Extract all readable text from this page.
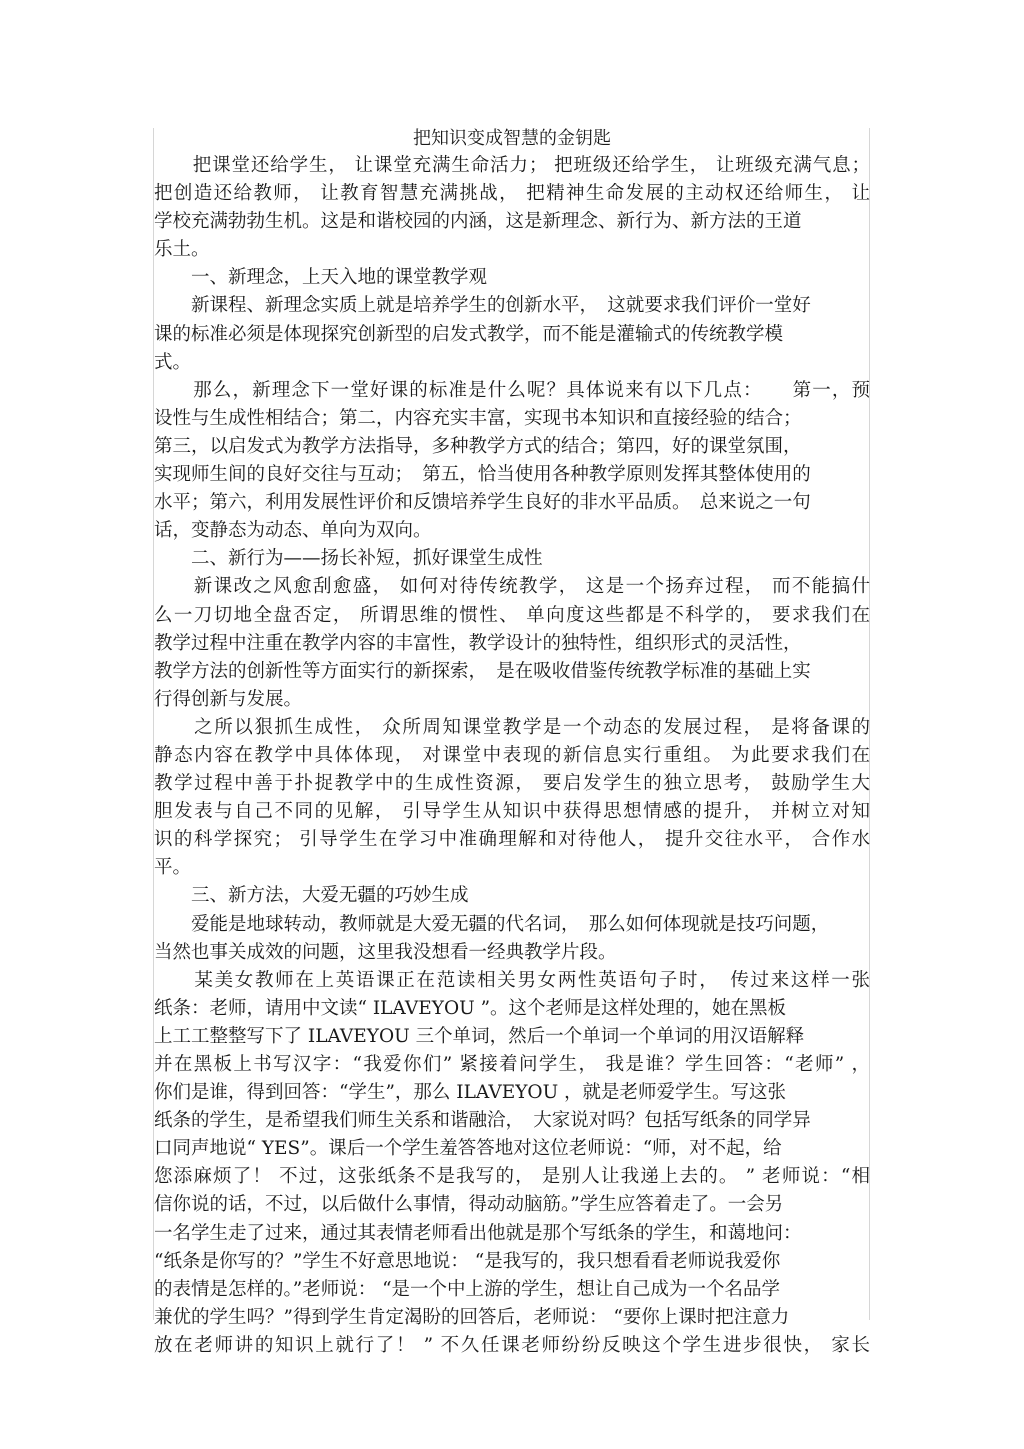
把知识变成智慧的金钥匙
　　把课堂还给学生， 让课堂充满生命活力； 把班级还给学生， 让班级充满气息；
把创造还给教师， 让教育智慧充满挑战， 把精神生命发展的主动权还给师生， 让
学校充满勃勃生机。这是和谐校园的内涵，这是新理念、新行为、新方法的王道
乐土。
　　一、新理念，上天入地的课堂教学观
　　新课程、新理念实质上就是培养学生的创新水平，　这就要求我们评价一堂好
课的标准必须是体现探究创新型的启发式教学，而不能是灌输式的传统教学模
式。
　　那么，新理念下一堂好课的标准是什么呢？具体说来有以下几点：　　第一，预
设性与生成性相结合；第二，内容充实丰富，实现书本知识和直接经验的结合；
第三，以启发式为教学方法指导，多种教学方式的结合；第四，好的课堂氛围，
实现师生间的良好交往与互动；　第五，恰当使用各种教学原则发挥其整体使用的
水平；第六，利用发展性评价和反馈培养学生良好的非水平品质。　总来说之一句
话，变静态为动态、单向为双向。
　　二、新行为——扬长补短，抓好课堂生成性
　　新课改之风愈刮愈盛， 如何对待传统教学， 这是一个扬弃过程， 而不能搞什
么一刀切地全盘否定， 所谓思维的惯性、 单向度这些都是不科学的， 要求我们在
教学过程中注重在教学内容的丰富性，教学设计的独特性，组织形式的灵活性，
教学方法的创新性等方面实行的新探索，　是在吸收借鉴传统教学标准的基础上实
行得创新与发展。
　　之所以狠抓生成性， 众所周知课堂教学是一个动态的发展过程， 是将备课的
静态内容在教学中具体体现， 对课堂中表现的新信息实行重组。 为此要求我们在
教学过程中善于扑捉教学中的生成性资源， 要启发学生的独立思考， 鼓励学生大
胆发表与自己不同的见解， 引导学生从知识中获得思想情感的提升， 并树立对知
识的科学探究； 引导学生在学习中准确理解和对待他人， 提升交往水平， 合作水
平。
　　三、新方法，大爱无疆的巧妙生成
　　爱能是地球转动，教师就是大爱无疆的代名词，　那么如何体现就是技巧问题，
当然也事关成效的问题，这里我没想看一经典教学片段。
　　某美女教师在上英语课正在范读相关男女两性英语句子时，　传过来这样一张
纸条：老师，请用中文读“ ILAVEYOU ”。这个老师是这样处理的，她在黑板
上工工整整写下了 ILAVEYOU 三个单词，然后一个单词一个单词的用汉语解释
并在黑板上书写汉字：“我爱你们” 紧接着问学生， 我是谁？学生回答：“老师” ，
你们是谁，得到回答：“学生”，那么 ILAVEYOU ，就是老师爱学生。写这张
纸条的学生，是希望我们师生关系和谐融洽，　大家说对吗？包括写纸条的同学异
口同声地说“ YES”。课后一个学生羞答答地对这位老师说：“师，对不起，给
您添麻烦了！ 不过，这张纸条不是我写的， 是别人让我递上去的。 ” 老师说：“相
信你说的话，不过，以后做什么事情，得动动脑筋。”学生应答着走了。一会另
一名学生走了过来，通过其表情老师看出他就是那个写纸条的学生，和蔼地问：
“纸条是你写的？”学生不好意思地说： “是我写的，我只想看看老师说我爱你
的表情是怎样的。”老师说： “是一个中上游的学生，想让自己成为一个名品学
兼优的学生吗？”得到学生肯定渴盼的回答后，老师说： “要你上课时把注意力
放在老师讲的知识上就行了！ ” 不久任课老师纷纷反映这个学生进步很快， 家长
